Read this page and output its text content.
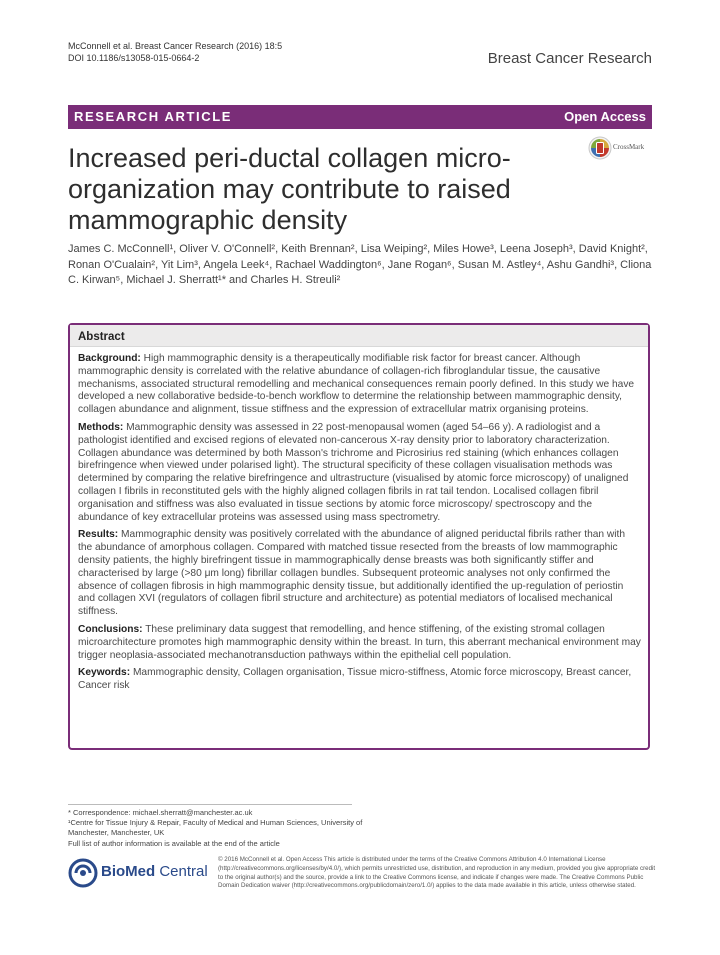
McConnell et al. Breast Cancer Research (2016) 18:5
DOI 10.1186/s13058-015-0664-2	Breast Cancer Research
RESEARCH ARTICLE	Open Access
Increased peri-ductal collagen micro-organization may contribute to raised mammographic density
CrossMark
James C. McConnell¹, Oliver V. O'Connell², Keith Brennan², Lisa Weiping², Miles Howe³, Leena Joseph³, David Knight², Ronan O'Cualain², Yit Lim³, Angela Leek⁴, Rachael Waddington⁶, Jane Rogan⁶, Susan M. Astley⁴, Ashu Gandhi³, Cliona C. Kirwan⁵, Michael J. Sherratt¹* and Charles H. Streuli²
Abstract

Background: High mammographic density is a therapeutically modifiable risk factor for breast cancer. Although mammographic density is correlated with the relative abundance of collagen-rich fibroglandular tissue, the causative mechanisms, associated structural remodelling and mechanical consequences remain poorly defined. In this study we have developed a new collaborative bedside-to-bench workflow to determine the relationship between mammographic density, collagen abundance and alignment, tissue stiffness and the expression of extracellular matrix organising proteins.

Methods: Mammographic density was assessed in 22 post-menopausal women (aged 54–66 y). A radiologist and a pathologist identified and excised regions of elevated non-cancerous X-ray density prior to laboratory characterization. Collagen abundance was determined by both Masson's trichrome and Picrosirius red staining (which enhances collagen birefringence when viewed under polarised light). The structural specificity of these collagen visualisation methods was determined by comparing the relative birefringence and ultrastructure (visualised by atomic force microscopy) of unaligned collagen I fibrils in reconstituted gels with the highly aligned collagen fibrils in rat tail tendon. Localised collagen fibril organisation and stiffness was also evaluated in tissue sections by atomic force microscopy/ spectroscopy and the abundance of key extracellular proteins was assessed using mass spectrometry.

Results: Mammographic density was positively correlated with the abundance of aligned periductal fibrils rather than with the abundance of amorphous collagen. Compared with matched tissue resected from the breasts of low mammographic density patients, the highly birefringent tissue in mammographically dense breasts was both significantly stiffer and characterised by large (>80 μm long) fibrillar collagen bundles. Subsequent proteomic analyses not only confirmed the absence of collagen fibrosis in high mammographic density tissue, but additionally identified the up-regulation of periostin and collagen XVI (regulators of collagen fibril structure and architecture) as potential mediators of localised mechanical stiffness.

Conclusions: These preliminary data suggest that remodelling, and hence stiffening, of the existing stromal collagen microarchitecture promotes high mammographic density within the breast. In turn, this aberrant mechanical environment may trigger neoplasia-associated mechanotransduction pathways within the epithelial cell population.

Keywords: Mammographic density, Collagen organisation, Tissue micro-stiffness, Atomic force microscopy, Breast cancer, Cancer risk

* Correspondence: michael.sherratt@manchester.ac.uk
¹Centre for Tissue Injury & Repair, Faculty of Medical and Human Sciences, University of Manchester, Manchester, UK
Full list of author information is available at the end of the article
BioMed Central
© 2016 McConnell et al. Open Access This article is distributed under the terms of the Creative Commons Attribution 4.0 International License (http://creativecommons.org/licenses/by/4.0/), which permits unrestricted use, distribution, and reproduction in any medium, provided you give appropriate credit to the original author(s) and the source, provide a link to the Creative Commons license, and indicate if changes were made. The Creative Commons Public Domain Dedication waiver (http://creativecommons.org/publicdomain/zero/1.0/) applies to the data made available in this article, unless otherwise stated.
